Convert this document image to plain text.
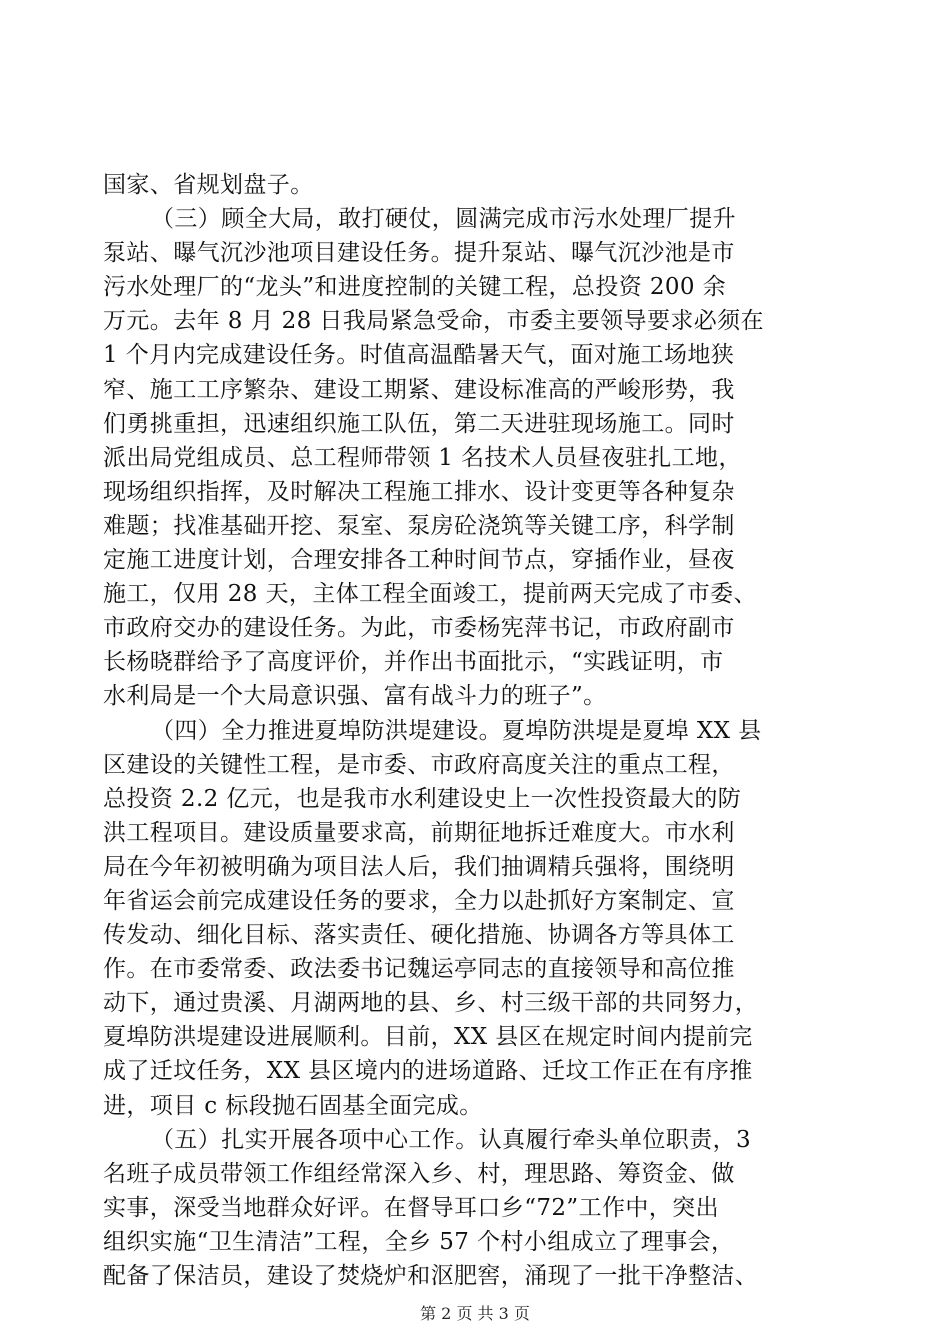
国家、省规划盘子。
（三）顾全大局，敢打硬仗，圆满完成市污水处理厂提升
泵站、曝气沉沙池项目建设任务。提升泵站、曝气沉沙池是市
污水处理厂的“龙头”和进度控制的关键工程，总投资 200 余
万元。去年 8 月 28 日我局紧急受命，市委主要领导要求必须在
1 个月内完成建设任务。时值高温酷暑天气，面对施工场地狭
窄、施工工序繁杂、建设工期紧、建设标准高的严峻形势，我
们勇挑重担，迅速组织施工队伍，第二天进驻现场施工。同时
派出局党组成员、总工程师带领 1 名技术人员昼夜驻扎工地，
现场组织指挥，及时解决工程施工排水、设计变更等各种复杂
难题；找准基础开挖、泵室、泵房砼浇筑等关键工序，科学制
定施工进度计划，合理安排各工种时间节点，穿插作业，昼夜
施工，仅用 28 天，主体工程全面竣工，提前两天完成了市委、
市政府交办的建设任务。为此，市委杨宪萍书记，市政府副市
长杨晓群给予了高度评价，并作出书面批示，“实践证明，市
水利局是一个大局意识强、富有战斗力的班子”。
（四）全力推进夏埠防洪堤建设。夏埠防洪堤是夏埠 XX 县
区建设的关键性工程，是市委、市政府高度关注的重点工程，
总投资 2.2 亿元，也是我市水利建设史上一次性投资最大的防
洪工程项目。建设质量要求高，前期征地拆迁难度大。市水利
局在今年初被明确为项目法人后，我们抽调精兵强将，围绕明
年省运会前完成建设任务的要求，全力以赴抓好方案制定、宣
传发动、细化目标、落实责任、硬化措施、协调各方等具体工
作。在市委常委、政法委书记魏运亭同志的直接领导和高位推
动下，通过贵溪、月湖两地的县、乡、村三级干部的共同努力，
夏埠防洪堤建设进展顺利。目前，XX 县区在规定时间内提前完
成了迁坟任务，XX 县区境内的进场道路、迁坟工作正在有序推
进，项目 c 标段抛石固基全面完成。
（五）扎实开展各项中心工作。认真履行牵头单位职责，3
名班子成员带领工作组经常深入乡、村，理思路、筹资金、做
实事，深受当地群众好评。在督导耳口乡“72”工作中，突出
组织实施“卫生清洁”工程，全乡 57 个村小组成立了理事会，
配备了保洁员，建设了焚烧炉和沤肥窖，涌现了一批干净整洁、
第 2 页 共 3 页
